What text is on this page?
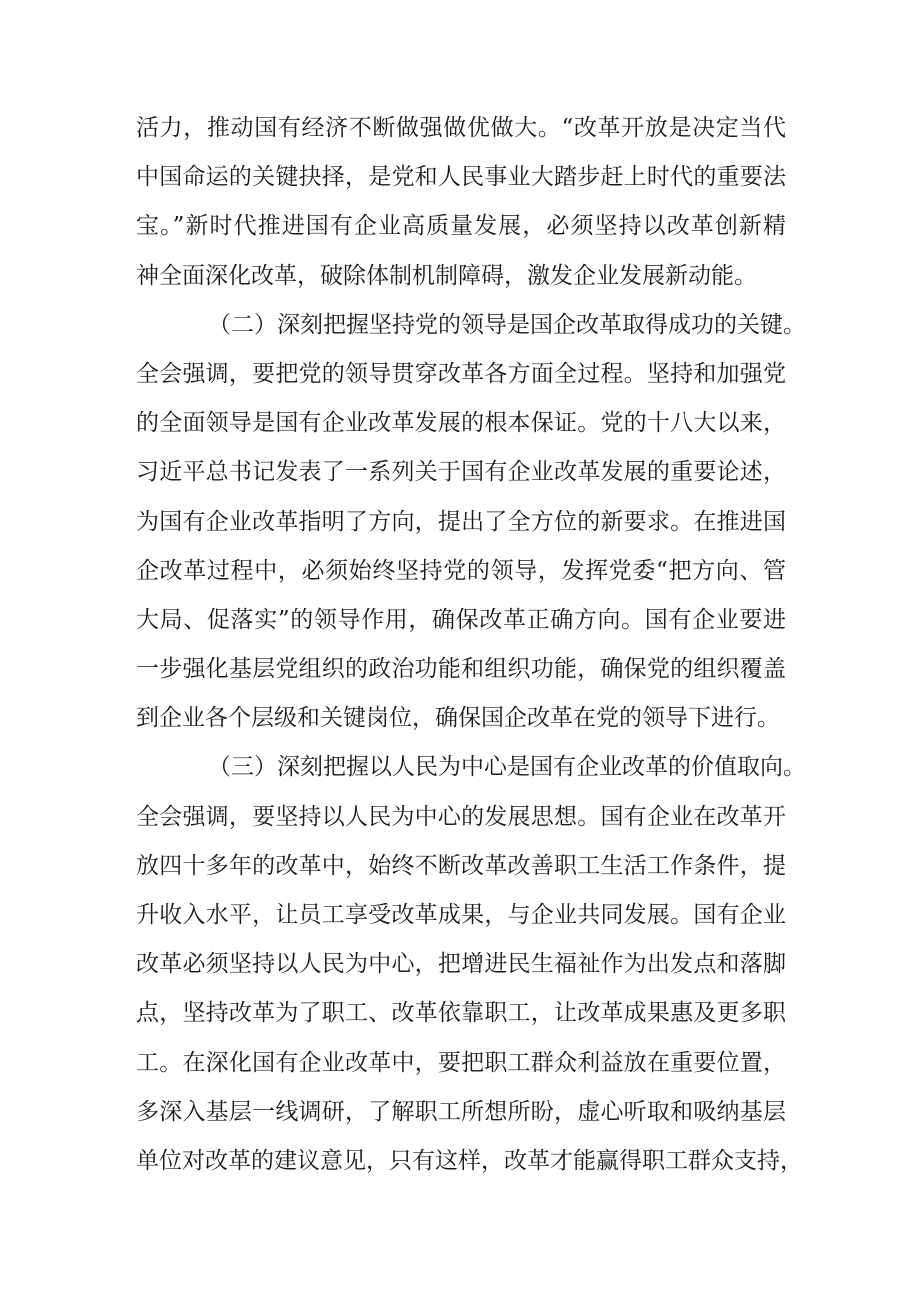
活力，推动国有经济不断做强做优做大。“改革开放是决定当代
中国命运的关键抉择，是党和人民事业大踏步赶上时代的重要法
宝。”新时代推进国有企业高质量发展，必须坚持以改革创新精
神全面深化改革，破除体制机制障碍，激发企业发展新动能。
（二）深刻把握坚持党的领导是国企改革取得成功的关键。
全会强调，要把党的领导贯穿改革各方面全过程。坚持和加强党
的全面领导是国有企业改革发展的根本保证。党的十八大以来，
习近平总书记发表了一系列关于国有企业改革发展的重要论述，
为国有企业改革指明了方向，提出了全方位的新要求。在推进国
企改革过程中，必须始终坚持党的领导，发挥党委“把方向、管
大局、促落实”的领导作用，确保改革正确方向。国有企业要进
一步强化基层党组织的政治功能和组织功能，确保党的组织覆盖
到企业各个层级和关键岗位，确保国企改革在党的领导下进行。
（三）深刻把握以人民为中心是国有企业改革的价值取向。
全会强调，要坚持以人民为中心的发展思想。国有企业在改革开
放四十多年的改革中，始终不断改革改善职工生活工作条件，提
升收入水平，让员工享受改革成果，与企业共同发展。国有企业
改革必须坚持以人民为中心，把增进民生福祉作为出发点和落脚
点，坚持改革为了职工、改革依靠职工，让改革成果惠及更多职
工。在深化国有企业改革中，要把职工群众利益放在重要位置，
多深入基层一线调研，了解职工所想所盼，虚心听取和吸纳基层
单位对改革的建议意见，只有这样，改革才能赢得职工群众支持，
